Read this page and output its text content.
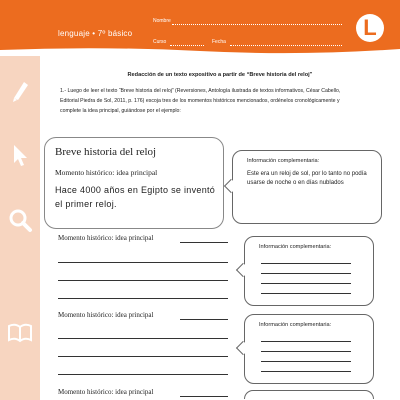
lenguaje • 7º básico
Nombre
Curso	Fecha
L
Redacción de un texto expositivo a partir de “Breve historia del reloj”
1.- Luego de leer el texto “Breve historia del reloj” (Reversiones, Antología ilustrada de textos informativos, César Cabello, Editorial Piedra de Sol, 2011, p. 176) escoja tres de los momentos históricos mencionados, ordénelos cronológicamente y complete la idea principal, guiándose por el ejemplo:
Breve historia del reloj
Momento histórico: idea principal
Hace 4000 años en Egipto se inventó el primer reloj.
Información complementaria:
Este era un reloj de sol, por lo tanto no podía usarse de noche o en días nublados
Momento histórico: idea principal
Información complementaria:
Momento histórico: idea principal
Información complementaria:
Momento histórico: idea principal
